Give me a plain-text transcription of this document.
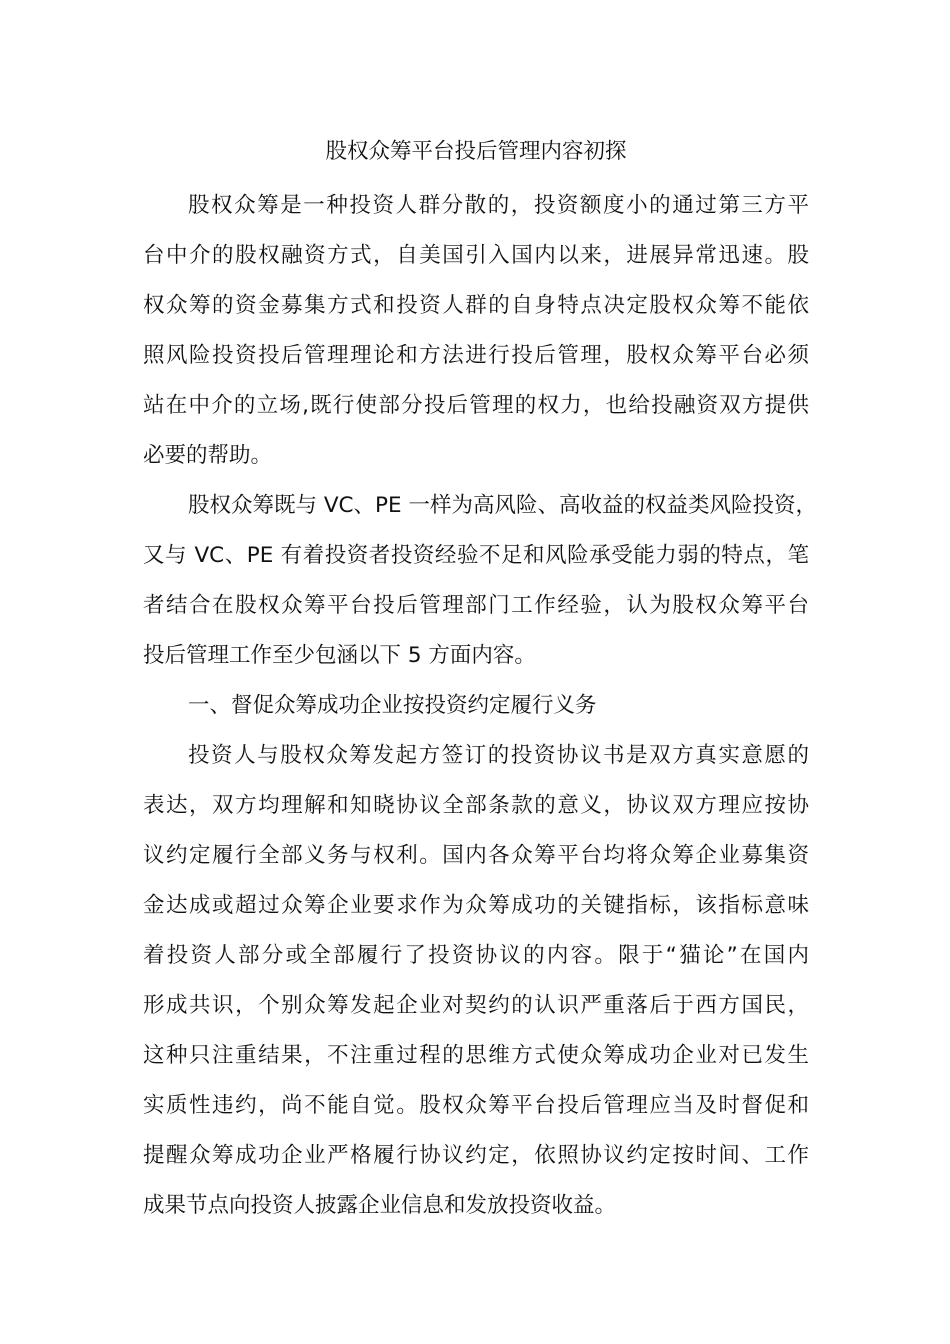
股权众筹平台投后管理内容初探
股权众筹是一种投资人群分散的，投资额度小的通过第三方平
台中介的股权融资方式，自美国引入国内以来，进展异常迅速。股
权众筹的资金募集方式和投资人群的自身特点决定股权众筹不能依
照风险投资投后管理理论和方法进行投后管理，股权众筹平台必须
站在中介的立场,既行使部分投后管理的权力，也给投融资双方提供
必要的帮助。
股权众筹既与 VC、PE 一样为高风险、高收益的权益类风险投资，
又与 VC、PE 有着投资者投资经验不足和风险承受能力弱的特点，笔
者结合在股权众筹平台投后管理部门工作经验，认为股权众筹平台
投后管理工作至少包涵以下 5 方面内容。
一、督促众筹成功企业按投资约定履行义务
投资人与股权众筹发起方签订的投资协议书是双方真实意愿的
表达，双方均理解和知晓协议全部条款的意义，协议双方理应按协
议约定履行全部义务与权利。国内各众筹平台均将众筹企业募集资
金达成或超过众筹企业要求作为众筹成功的关键指标，该指标意味
着投资人部分或全部履行了投资协议的内容。限于“猫论”在国内
形成共识，个别众筹发起企业对契约的认识严重落后于西方国民，
这种只注重结果，不注重过程的思维方式使众筹成功企业对已发生
实质性违约，尚不能自觉。股权众筹平台投后管理应当及时督促和
提醒众筹成功企业严格履行协议约定，依照协议约定按时间、工作
成果节点向投资人披露企业信息和发放投资收益。
